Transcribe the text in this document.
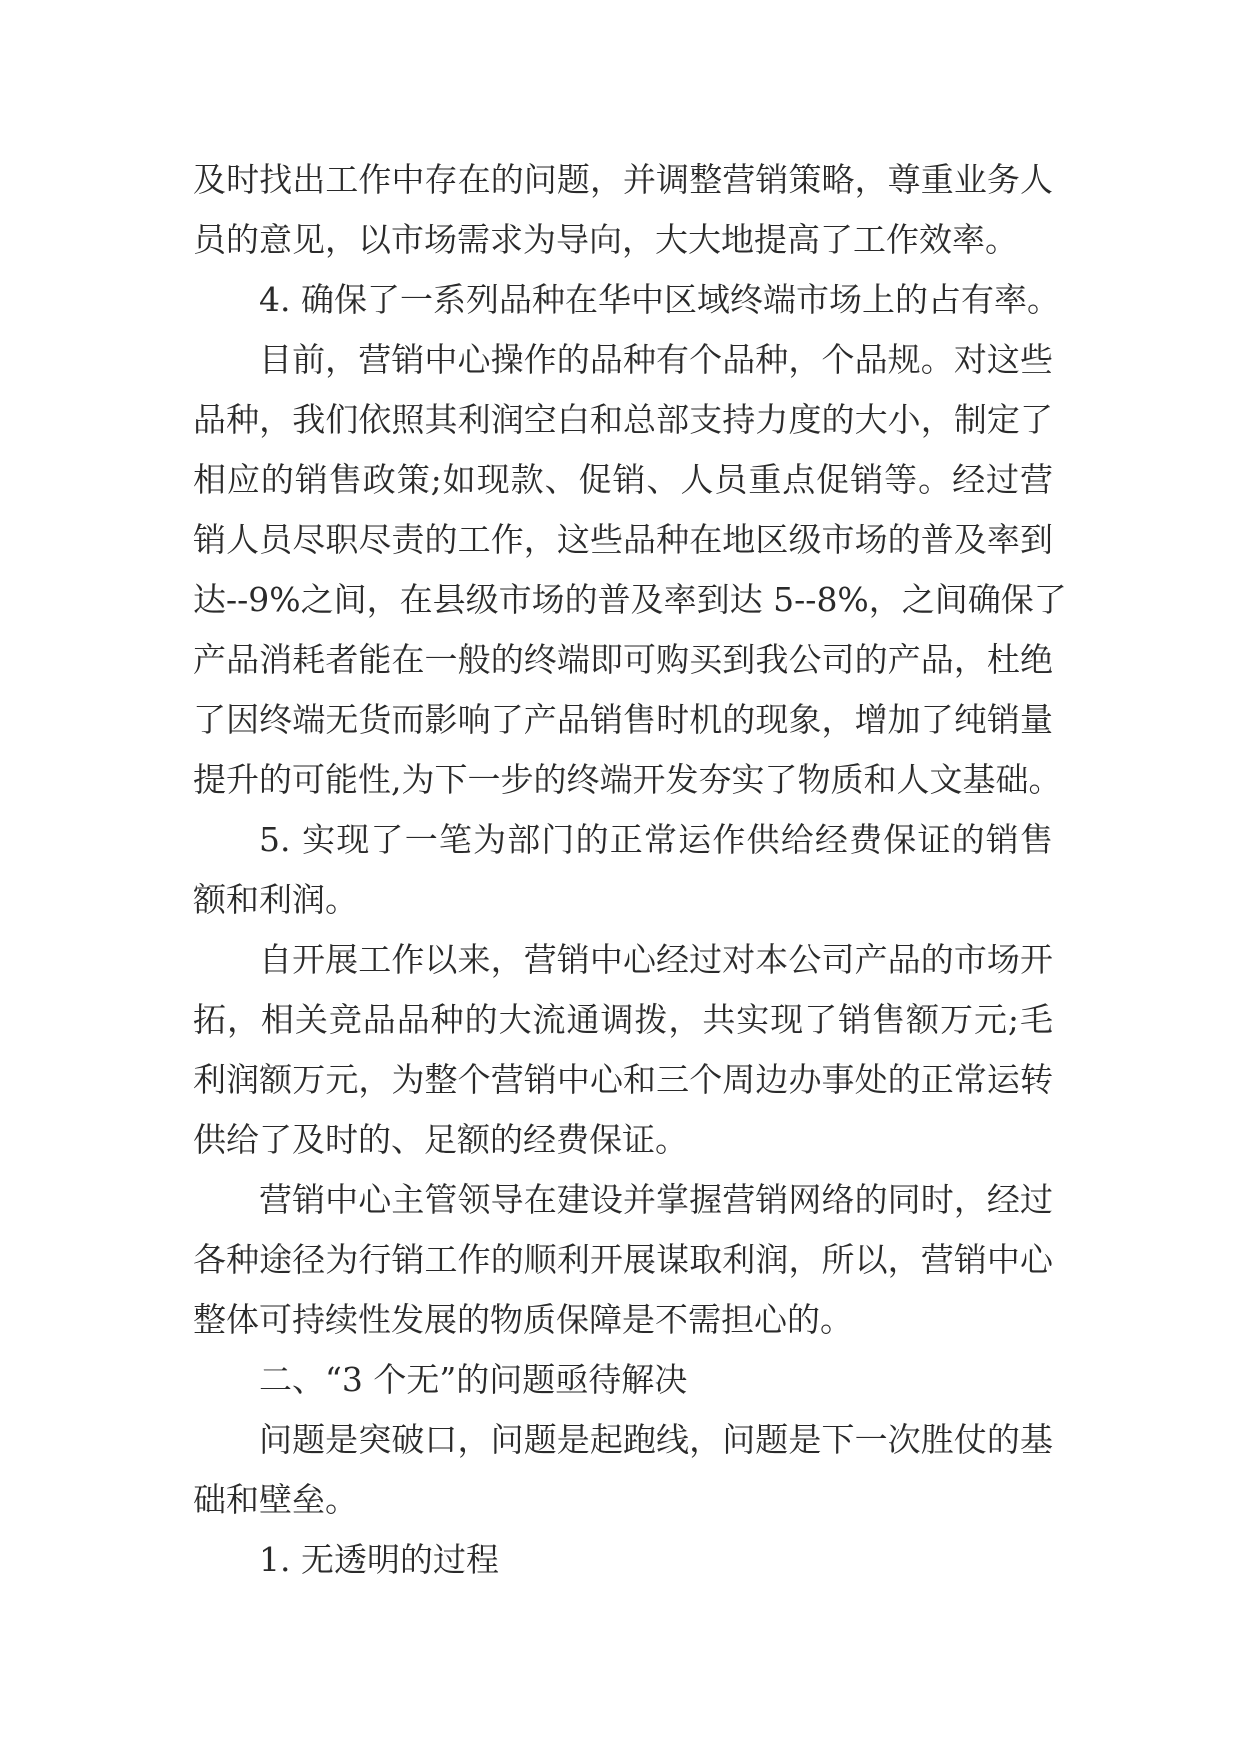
及时找出工作中存在的问题，并调整营销策略，尊重业务人
员的意见，以市场需求为导向，大大地提高了工作效率。
4. 确保了一系列品种在华中区域终端市场上的占有率。
目前，营销中心操作的品种有个品种，个品规。对这些
品种，我们依照其利润空白和总部支持力度的大小，制定了
相应的销售政策;如现款、促销、人员重点促销等。经过营
销人员尽职尽责的工作，这些品种在地区级市场的普及率到
达--9%之间，在县级市场的普及率到达 5--8%，之间确保了
产品消耗者能在一般的终端即可购买到我公司的产品，杜绝
了因终端无货而影响了产品销售时机的现象，增加了纯销量
提升的可能性,为下一步的终端开发夯实了物质和人文基础。
5. 实现了一笔为部门的正常运作供给经费保证的销售
额和利润。
自开展工作以来，营销中心经过对本公司产品的市场开
拓，相关竞品品种的大流通调拨，共实现了销售额万元;毛
利润额万元，为整个营销中心和三个周边办事处的正常运转
供给了及时的、足额的经费保证。
营销中心主管领导在建设并掌握营销网络的同时，经过
各种途径为行销工作的顺利开展谋取利润，所以，营销中心
整体可持续性发展的物质保障是不需担心的。
二、“3 个无”的问题亟待解决
问题是突破口，问题是起跑线，问题是下一次胜仗的基
础和壁垒。
1. 无透明的过程
